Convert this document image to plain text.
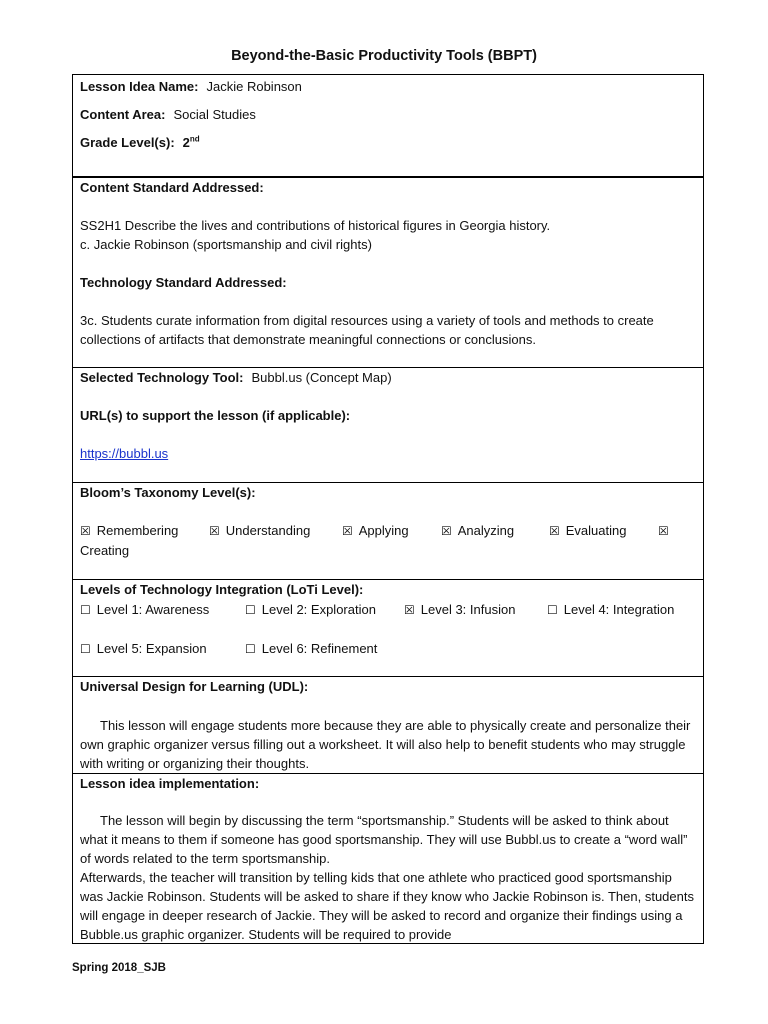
Beyond-the-Basic Productivity Tools (BBPT)
Lesson Idea Name: Jackie Robinson
Content Area: Social Studies
Grade Level(s): 2nd
Content Standard Addressed:
SS2H1 Describe the lives and contributions of historical figures in Georgia history.
c. Jackie Robinson (sportsmanship and civil rights)
Technology Standard Addressed:
3c. Students curate information from digital resources using a variety of tools and methods to create collections of artifacts that demonstrate meaningful connections or conclusions.
Selected Technology Tool: Bubbl.us (Concept Map)
URL(s) to support the lesson (if applicable):
https://bubbl.us
Bloom’s Taxonomy Level(s):
☒ Remembering	☒ Understanding	☒ Applying	☒ Analyzing	☒ Evaluating	☒
Creating
Levels of Technology Integration (LoTi Level):
☐ Level 1: Awareness	☐ Level 2: Exploration ☒ Level 3: Infusion	☐ Level 4: Integration
☐ Level 5: Expansion	☐ Level 6: Refinement
Universal Design for Learning (UDL):
This lesson will engage students more because they are able to physically create and personalize their own graphic organizer versus filling out a worksheet. It will also help to benefit students who may struggle with writing or organizing their thoughts.
Lesson idea implementation:
The lesson will begin by discussing the term “sportsmanship.” Students will be asked to think about what it means to them if someone has good sportsmanship. They will use Bubbl.us to create a “word wall” of words related to the term sportsmanship.
Afterwards, the teacher will transition by telling kids that one athlete who practiced good sportsmanship was Jackie Robinson. Students will be asked to share if they know who Jackie Robinson is. Then, students will engage in deeper research of Jackie. They will be asked to record and organize their findings using a Bubble.us graphic organizer. Students will be required to provide
Spring 2018_SJB
